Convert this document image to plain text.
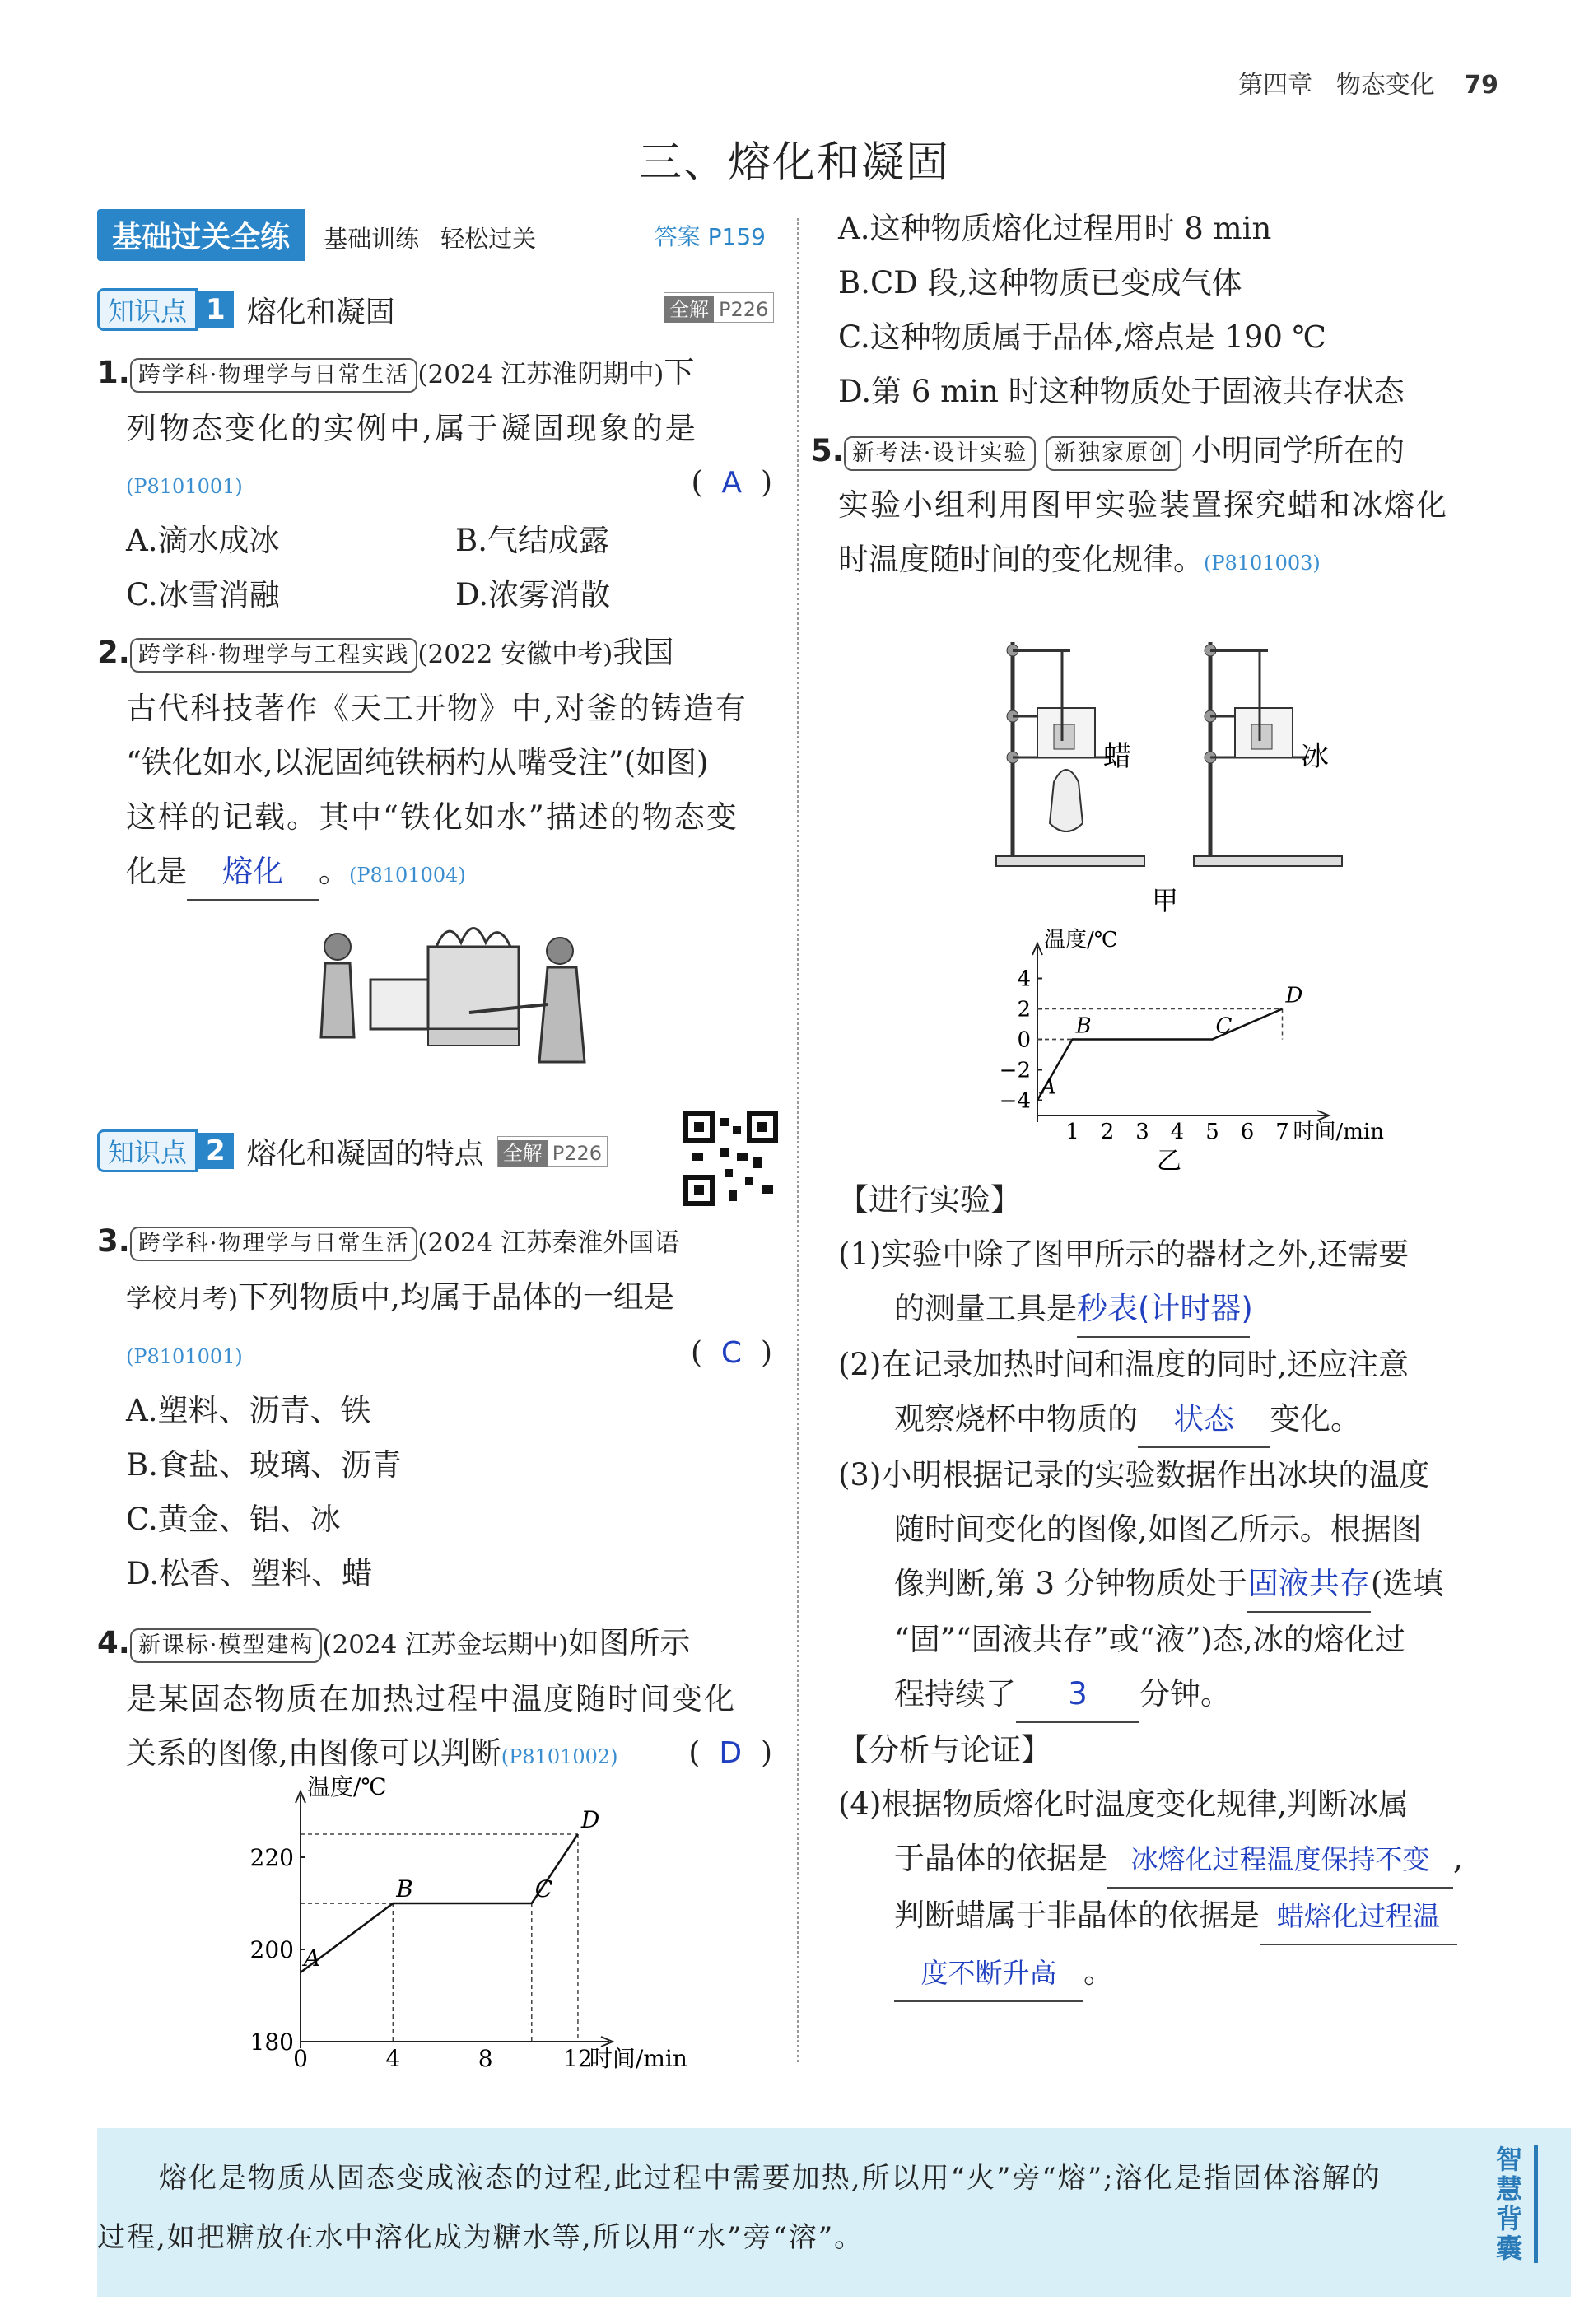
第四章 物态变化 79
三、熔化和凝固
基础过关全练 基础训练 轻松过关	答案 P159
知识点 1 熔化和凝固	全解 P226
1. 跨学科·物理学与日常生活 (2024 江苏淮阴期中)下
列物态变化的实例中,属于凝固现象的是
(P8101001)	(  A  )
A.滴水成冰	B.气结成露
C.冰雪消融	D.浓雾消散
2. 跨学科·物理学与工程实践 (2022 安徽中考)我国
古代科技著作《天工开物》中,对釜的铸造有
“铁化如水,以泥固纯铁柄杓从嘴受注”(如图)
这样的记载。其中“铁化如水”描述的物态变
化是 熔化 。(P8101004)
知识点 2 熔化和凝固的特点 全解 P226
3. 跨学科·物理学与日常生活 (2024 江苏秦淮外国语
学校月考)下列物质中,均属于晶体的一组是
(P8101001)	(  C  )
A.塑料、沥青、铁
B.食盐、玻璃、沥青
C.黄金、铝、冰
D.松香、塑料、蜡
4. 新课标·模型建构 (2024 江苏金坛期中)如图所示
是某固态物质在加热过程中温度随时间变化
关系的图像,由图像可以判断(P8101002) (  D  )
温度/℃
0	4	8	12
时间/min
180
200
220
A
B	C
D
A.这种物质熔化过程用时 8 min
B.CD 段,这种物质已变成气体
C.这种物质属于晶体,熔点是 190 ℃
D.第 6 min 时这种物质处于固液共存状态
5. 新考法·设计实验 新独家原创 小明同学所在的
实验小组利用图甲实验装置探究蜡和冰熔化
时温度随时间的变化规律。(P8101003)
蜡	冰
甲
温度/℃
1 2 3 4 5 6 7 时间/min
4
2
0
−2
−4
A
B	C
D
乙
【进行实验】
(1)实验中除了图甲所示的器材之外,还需要
的测量工具是秒表(计时器)
(2)在记录加热时间和温度的同时,还应注意
观察烧杯中物质的 状态 变化。
(3)小明根据记录的实验数据作出冰块的温度
随时间变化的图像,如图乙所示。根据图
像判断,第 3 分钟物质处于固液共存(选填
“固”“固液共存”或“液”)态,冰的熔化过
程持续了 3 分钟。
【分析与论证】
(4)根据物质熔化时温度变化规律,判断冰属
于晶体的依据是 冰熔化过程温度保持不变 ,
判断蜡属于非晶体的依据是 蜡熔化过程温
度不断升高 。
熔化是物质从固态变成液态的过程,此过程中需要加热,所以用“火”旁“熔”;溶化是指固体溶解的
过程,如把糖放在水中溶化成为糖水等,所以用“水”旁“溶”。
智慧背囊
